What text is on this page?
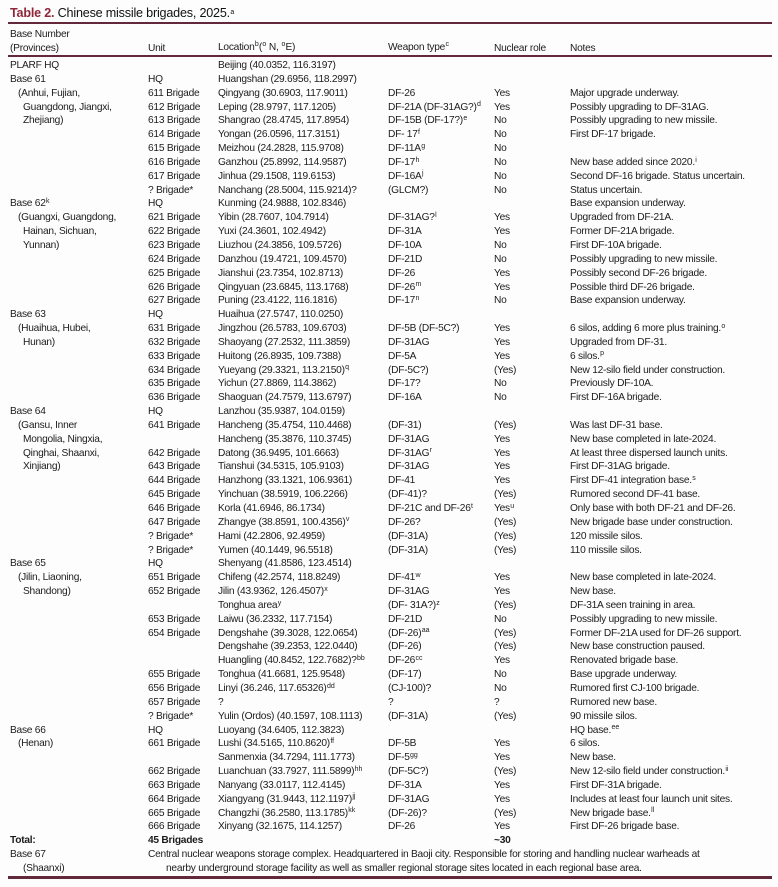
Table 2. Chinese missile brigades, 2025.$^a$
Base Number
(Provinces)	Unit	Location$^b$($^o$ N, $^o$E)	Weapon type$^c$	Nuclear role	Notes
PLARF HQ	Beijing (40.0352, 116.3197)
Base 61	HQ	Huangshan (29.6956, 118.2997)
(Anhui, Fujian,	611 Brigade	Qingyang (30.6903, 117.9011)	DF-26	Yes	Major upgrade underway.
Guangdong, Jiangxi,	612 Brigade	Leping (28.9797, 117.1205)	DF-21A (DF-31AG?)$^d$	Yes	Possibly upgrading to DF-31AG.
Zhejiang)	613 Brigade	Shangrao (28.4745, 117.8954)	DF-15B (DF-17?)$^e$	No	Possibly upgrading to new missile.
614 Brigade	Yongan (26.0596, 117.3151)	DF- 17$^f$	No	First DF-17 brigade.
615 Brigade	Meizhou (24.2828, 115.9708)	$DF-11A^g$	No
616 Brigade	Ganzhou (25.8992, 114.9587)	DF-17$^h$	No	New base added since 2020.$^i$
617 Brigade	Jinhua (29.1508, 119.6153)	$DF-16A^j$	No	Second DF-16 brigade. Status uncertain.
? Brigade*	Nanchang (28.5004, 115.9214)?	(GLCM?)	No	Status uncertain.
Base 62$^k$	HQ	Kunming (24.9888, 102.8346)	Base expansion underway.
(Guangxi, Guangdong,	621 Brigade	Yibin (28.7607, 104.7914)	DF-31AG?$^l$	Yes	Upgraded from DF-21A.
Hainan, Sichuan,	622 Brigade	Yuxi (24.3601, 102.4942)	DF-31A	Yes	Former DF-21A brigade.
Yunnan)	623 Brigade	Liuzhou (24.3856, 109.5726)	DF-10A	No	First DF-10A brigade.
624 Brigade	Danzhou (19.4721, 109.4570)	DF-21D	No	Possibly upgrading to new missile.
625 Brigade	Jianshui (23.7354, 102.8713)	DF-26	Yes	Possibly second DF-26 brigade.
626 Brigade	Qingyuan (23.6845, 113.1768)	DF-26$^m$	Yes	Possible third DF-26 brigade.
627 Brigade	Puning (23.4122, 116.1816)	DF-17$^n$	No	Base expansion underway.
Base 63	HQ	Huaihua (27.5747, 110.0250)
(Huaihua, Hubei,	631 Brigade	Jingzhou (26.5783, 109.6703)	DF-5B (DF-5C?)	Yes	6 silos, adding 6 more plus training.$^o$
Hunan)	632 Brigade	Shaoyang (27.2532, 111.3859)	DF-31AG	Yes	Upgraded from DF-31.
633 Brigade	Huitong (26.8935, 109.7388)	DF-5A	Yes	6 silos.$^p$
634 Brigade	Yueyang (29.3321, 113.2150)$^q$	(DF-5C?)	(Yes)	New 12-silo field under construction.
635 Brigade	Yichun (27.8869, 114.3862)	DF-17?	No	Previously DF-10A.
636 Brigade	Shaoguan (24.7579, 113.6797)	DF-16A	No	First DF-16A brigade.
Base 64	HQ	Lanzhou (35.9387, 104.0159)
(Gansu, Inner	641 Brigade	Hancheng (35.4754, 110.4468)	(DF-31)	(Yes)	Was last DF-31 base.
Mongolia, Ningxia,	Hancheng (35.3876, 110.3745)	DF-31AG	Yes	New base completed in late-2024.
Qinghai, Shaanxi,	642 Brigade	Datong (36.9495, 101.6663)	$DF-31AG^r$	Yes	At least three dispersed launch units.
Xinjiang)	643 Brigade	Tianshui (34.5315, 105.9103)	DF-31AG	Yes	First DF-31AG brigade.
644 Brigade	Hanzhong (33.1321, 106.9361)	DF-41	Yes	First DF-41 integration base.$^s$
645 Brigade	Yinchuan (38.5919, 106.2266)	(DF-41)?	(Yes)	Rumored second DF-41 base.
646 Brigade	Korla (41.6946, 86.1734)	DF-21C and DF-26$^t$	Yes$^u$	Only base with both DF-21 and DF-26.
647 Brigade	Zhangye (38.8591, 100.4356)$^v$	DF-26?	(Yes)	New brigade base under construction.
? Brigade*	Hami (42.2806, 92.4959)	(DF-31A)	(Yes)	120 missile silos.
? Brigade*	Yumen (40.1449, 96.5518)	(DF-31A)	(Yes)	110 missile silos.
Base 65	HQ	Shenyang (41.8586, 123.4514)
(Jilin, Liaoning,	651 Brigade	Chifeng (42.2574, 118.8249)	DF-41$^w$	Yes	New base completed in late-2024.
Shandong)	652 Brigade	Jilin (43.9362, 126.4507)$^x$	DF-31AG	Yes	New base.
Tonghua area$^y$	(DF- 31A?)$^z$	(Yes)	DF-31A seen training in area.
653 Brigade	Laiwu (36.2332, 117.7154)	DF-21D	No	Possibly upgrading to new missile.
654 Brigade	Dengshahe (39.3028, 122.0654)	$(DF-26)^{aa}$	(Yes)	Former DF-21A used for DF-26 support.
Dengshahe (39.2353, 122.0440)	(DF-26)	(Yes)	New base construction paused.
Huangling (40.8452, 122.7682)?$^{bb}$	$DF-26^{cc}$	Yes	Renovated brigade base.
655 Brigade	Tonghua (41.6681, 125.9548)	(DF-17)	No	Base upgrade underway.
656 Brigade	Linyi (36.246, 117.65326)$^{dd}$	(CJ-100)?	No	Rumored first CJ-100 brigade.
657 Brigade	?	?	?	Rumored new base.
? Brigade*	Yulin (Ordos) (40.1597, 108.1113)	(DF-31A)	(Yes)	90 missile silos.
Base 66	HQ	Luoyang (34.6405, 112.3823)	HQ base.$^{ee}$
(Henan)	661 Brigade	Lushi (34.5165, 110.8620)$^{ff}$	DF-5B	Yes	6 silos.
Sanmenxia (34.7294, 111.1773)	$DF-5^{gg}$	Yes	New base.
662 Brigade	Luanchuan (33.7927, 111.5899)$^{hh}$	(DF-5C?)	(Yes)	New 12-silo field under construction.$^{ii}$
663 Brigade	Nanyang (33.0117, 112.4145)	DF-31A	Yes	First DF-31A brigade.
664 Brigade	Xiangyang (31.9443, 112.1197)$^{jj}$	DF-31AG	Yes	Includes at least four launch unit sites.
665 Brigade	Changzhi (36.2580, 113.1785)$^{kk}$	(DF-26)?	(Yes)	New brigade base.$^{ll}$
666 Brigade	Xinyang (32.1675, 114.1257)	DF-26	Yes	First DF-26 brigade base.
Total:	45 Brigades	~30
Base 67	Central nuclear weapons storage complex. Headquartered in Baoji city. Responsible for storing and handling nuclear warheads at
(Shaanxi)	nearby underground storage facility as well as smaller regional storage sites located in each regional base area.
